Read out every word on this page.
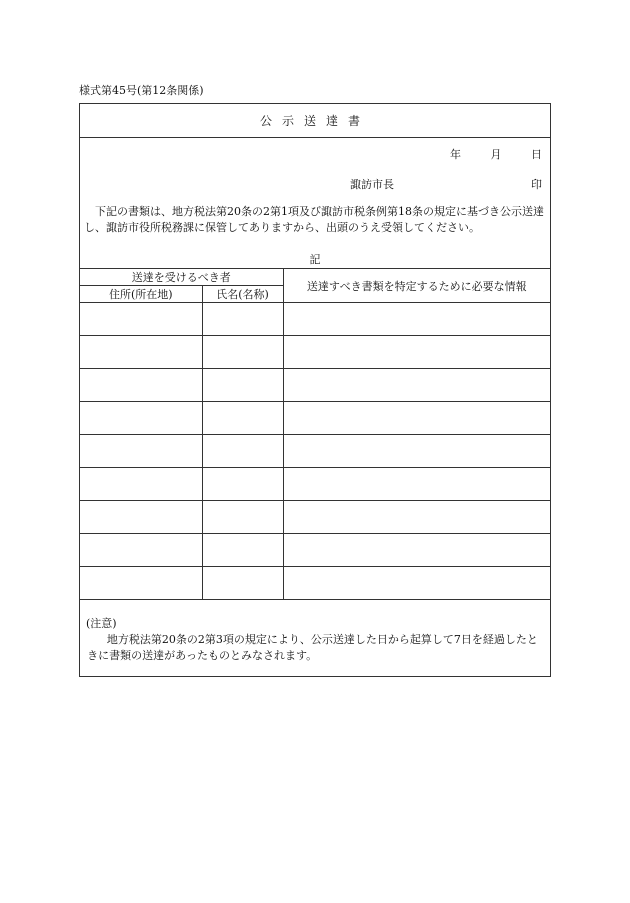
様式第45号(第12条関係)
公示送達書
年	月	日
諏訪市長	印
下記の書類は、地方税法第20条の2第1項及び諏訪市税条例第18条の規定に基づき公示送達し、諏訪市役所税務課に保管してありますから、出頭のうえ受領してください。
記
送達を受けるべき者		送達すべき書類を特定するために必要な情報
住所(所在地)	氏名(名称)	

(注意)
地方税法第20条の2第3項の規定により、公示送達した日から起算して7日を経過したときに書類の送達があったものとみなされます。
